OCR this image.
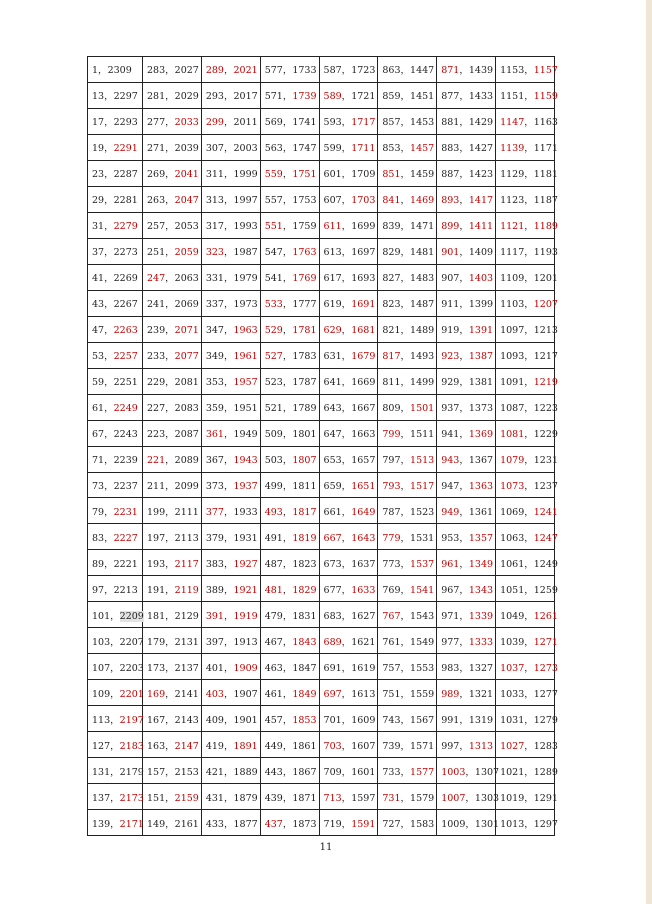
1，2309	283，2027	289，2021	577，1733	587，1723	863，1447	871，1439	1153，1157
13，2297	281，2029	293，2017	571，1739	589，1721	859，1451	877，1433	1151，1159
17，2293	277，2033	299，2011	569，1741	593，1717	857，1453	881，1429	1147，1163
19，2291	271，2039	307，2003	563，1747	599，1711	853，1457	883，1427	1139，1171
23，2287	269，2041	311，1999	559，1751	601，1709	851，1459	887，1423	1129，1181
29，2281	263，2047	313，1997	557，1753	607，1703	841，1469	893，1417	1123，1187
31，2279	257，2053	317，1993	551，1759	611，1699	839，1471	899，1411	1121，1189
37，2273	251，2059	323，1987	547，1763	613，1697	829，1481	901，1409	1117，1193
41，2269	247，2063	331，1979	541，1769	617，1693	827，1483	907，1403	1109，1201
43，2267	241，2069	337，1973	533，1777	619，1691	823，1487	911，1399	1103，1207
47，2263	239，2071	347，1963	529，1781	629，1681	821，1489	919，1391	1097，1213
53，2257	233，2077	349，1961	527，1783	631，1679	817，1493	923，1387	1093，1217
59，2251	229，2081	353，1957	523，1787	641，1669	811，1499	929，1381	1091，1219
61，2249	227，2083	359，1951	521，1789	643，1667	809，1501	937，1373	1087，1223
67，2243	223，2087	361，1949	509，1801	647，1663	799，1511	941，1369	1081，1229
71，2239	221，2089	367，1943	503，1807	653，1657	797，1513	943，1367	1079，1231
73，2237	211，2099	373，1937	499，1811	659，1651	793，1517	947，1363	1073，1237
79，2231	199，2111	377，1933	493，1817	661，1649	787，1523	949，1361	1069，1241
83，2227	197，2113	379，1931	491，1819	667，1643	779，1531	953，1357	1063，1247
89，2221	193，2117	383，1927	487，1823	673，1637	773，1537	961，1349	1061，1249
97，2213	191，2119	389，1921	481，1829	677，1633	769，1541	967，1343	1051，1259
101，2209	181，2129	391，1919	479，1831	683，1627	767，1543	971，1339	1049，1261
103，2207	179，2131	397，1913	467，1843	689，1621	761，1549	977，1333	1039，1271
107，2203	173，2137	401，1909	463，1847	691，1619	757，1553	983，1327	1037，1273
109，2201	169，2141	403，1907	461，1849	697，1613	751，1559	989，1321	1033，1277
113，2197	167，2143	409，1901	457，1853	701，1609	743，1567	991，1319	1031，1279
127，2183	163，2147	419，1891	449，1861	703，1607	739，1571	997，1313	1027，1283
131，2179	157，2153	421，1889	443，1867	709，1601	733，1577	1003，1307	1021，1289
137，2173	151，2159	431，1879	439，1871	713，1597	731，1579	1007，1303	1019，1291
139，2171	149，2161	433，1877	437，1873	719，1591	727，1583	1009，1301	1013，1297
11
